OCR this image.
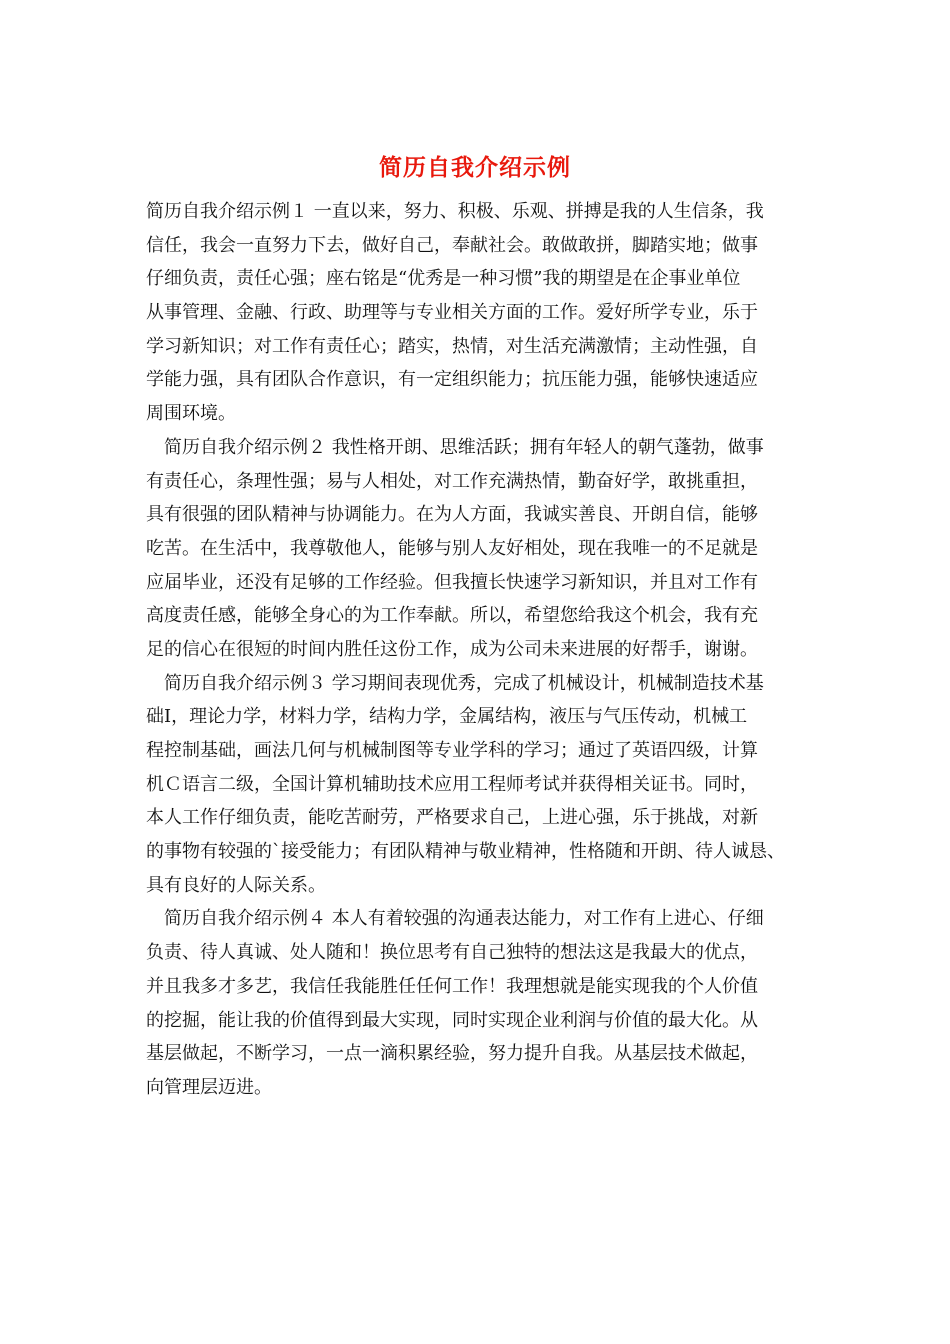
简历自我介绍示例
简历自我介绍示例１ 一直以来，努力、积极、乐观、拼搏是我的人生信条，我
信任，我会一直努力下去，做好自己，奉献社会。敢做敢拼，脚踏实地；做事
仔细负责，责任心强；座右铭是“优秀是一种习惯”我的期望是在企事业单位
从事管理、金融、行政、助理等与专业相关方面的工作。爱好所学专业，乐于
学习新知识；对工作有责任心；踏实，热情，对生活充满激情；主动性强，自
学能力强，具有团队合作意识，有一定组织能力；抗压能力强，能够快速适应
周围环境。
　简历自我介绍示例２ 我性格开朗、思维活跃；拥有年轻人的朝气蓬勃，做事
有责任心，条理性强；易与人相处，对工作充满热情，勤奋好学，敢挑重担，
具有很强的团队精神与协调能力。在为人方面，我诚实善良、开朗自信，能够
吃苦。在生活中，我尊敬他人，能够与别人友好相处，现在我唯一的不足就是
应届毕业，还没有足够的工作经验。但我擅长快速学习新知识，并且对工作有
高度责任感，能够全身心的为工作奉献。所以，希望您给我这个机会，我有充
足的信心在很短的时间内胜任这份工作，成为公司未来进展的好帮手，谢谢。
　简历自我介绍示例３ 学习期间表现优秀，完成了机械设计，机械制造技术基
础Ⅰ，理论力学，材料力学，结构力学，金属结构，液压与气压传动，机械工
程控制基础，画法几何与机械制图等专业学科的学习；通过了英语四级，计算
机Ｃ语言二级，全国计算机辅助技术应用工程师考试并获得相关证书。同时，
本人工作仔细负责，能吃苦耐劳，严格要求自己，上进心强，乐于挑战，对新
的事物有较强的`接受能力；有团队精神与敬业精神，性格随和开朗、待人诚恳、
具有良好的人际关系。
　简历自我介绍示例４ 本人有着较强的沟通表达能力，对工作有上进心、仔细
负责、待人真诚、处人随和！换位思考有自己独特的想法这是我最大的优点，
并且我多才多艺，我信任我能胜任任何工作！我理想就是能实现我的个人价值
的挖掘，能让我的价值得到最大实现，同时实现企业利润与价值的最大化。从
基层做起，不断学习，一点一滴积累经验，努力提升自我。从基层技术做起，
向管理层迈进。
